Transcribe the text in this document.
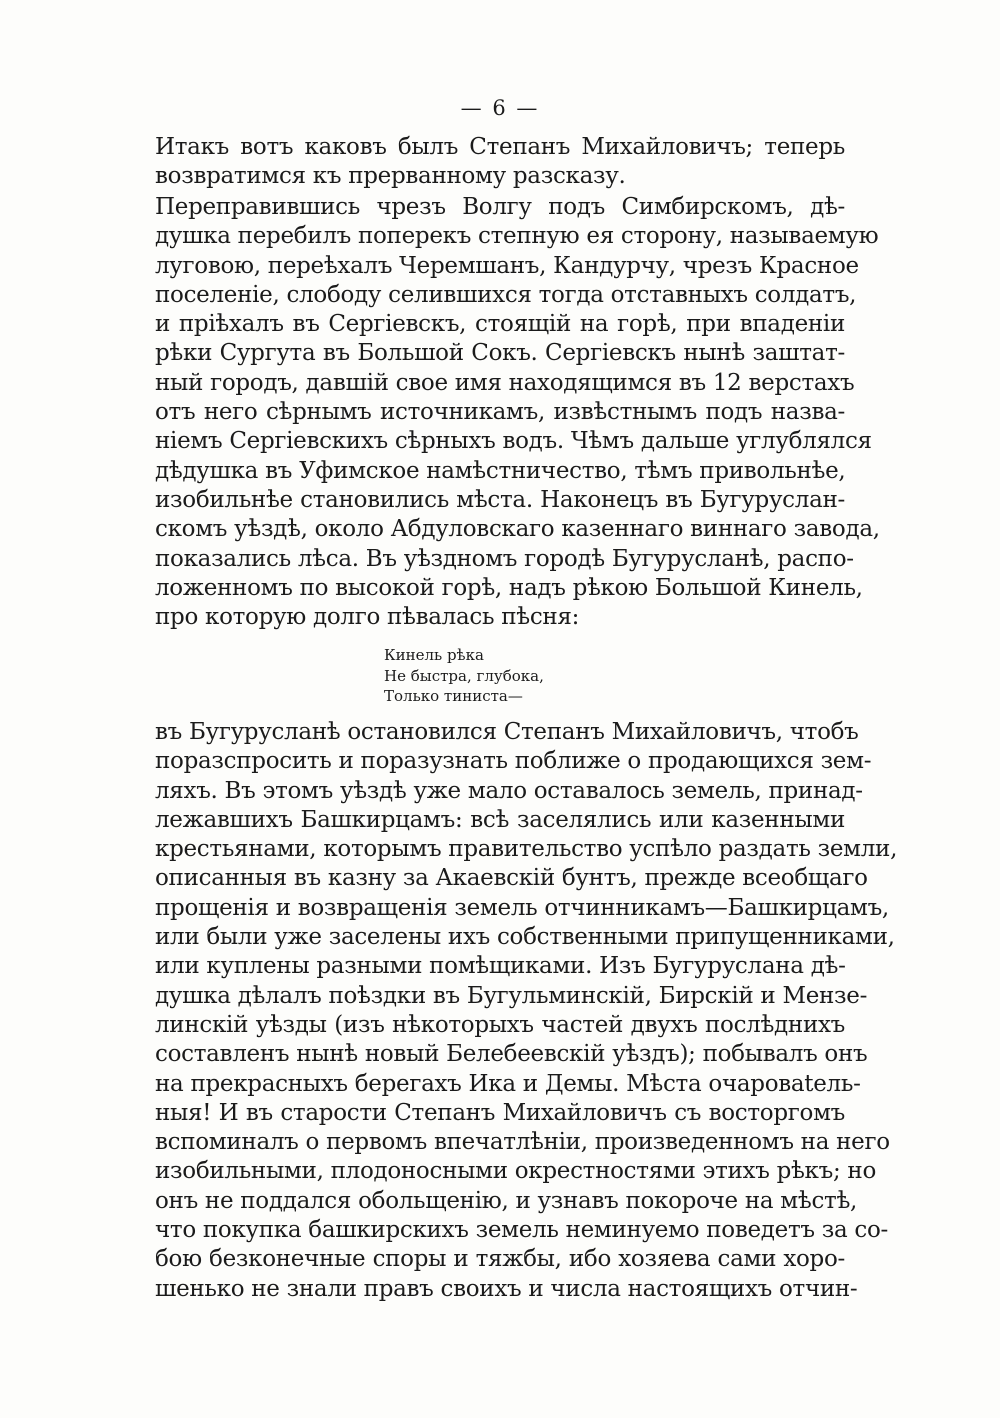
— 6 —
Итакъ вотъ каковъ былъ Степанъ Михайловичъ; теперь
возвратимся къ прерванному разсказу.
Переправившись чрезъ Волгу подъ Симбирскомъ, дѣ-
душка перебилъ поперекъ степную ея сторону, называемую
луговою, переѣхалъ Черемшанъ, Кандурчу, чрезъ Красное
поселеніе, слободу селившихся тогда отставныхъ солдатъ,
и пріѣхалъ въ Сергіевскъ, стоящій на горѣ, при впаденіи
рѣки Сургута въ Большой Сокъ. Сергіевскъ нынѣ заштат-
ный городъ, давшій свое имя находящимся въ 12 верстахъ
отъ него сѣрнымъ источникамъ, извѣстнымъ подъ назва-
ніемъ Сергіевскихъ сѣрныхъ водъ. Чѣмъ дальше углублялся
дѣдушка въ Уфимское намѣстничество, тѣмъ привольнѣе,
изобильнѣе становились мѣста. Наконецъ въ Бугуруслан-
скомъ уѣздѣ, около Абдуловскаго казеннаго виннаго завода,
показались лѣса. Въ уѣздномъ городѣ Бугурусланѣ, распо-
ложенномъ по высокой горѣ, надъ рѣкою Большой Кинель,
про которую долго пѣвалась пѣсня:
Кинель рѣка
Не быстра, глубока,
Только тиниста—
въ Бугурусланѣ остановился Степанъ Михайловичъ, чтобъ
поразспросить и поразузнать поближе о продающихся зем-
ляхъ. Въ этомъ уѣздѣ уже мало оставалось земель, принад-
лежавшихъ Башкирцамъ: всѣ заселялись или казенными
крестьянами, которымъ правительство успѣло раздать земли,
описанныя въ казну за Акаевскій бунтъ, прежде всеобщаго
прощенія и возвращенія земель отчинникамъ—Башкирцамъ,
или были уже заселены ихъ собственными припущенниками,
или куплены разными помѣщиками. Изъ Бугуруслана дѣ-
душка дѣлалъ поѣздки въ Бугульминскій, Бирскій и Мензе-
линскій уѣзды (изъ нѣкоторыхъ частей двухъ послѣднихъ
составленъ нынѣ новый Белебеевскій уѣздъ); побывалъ онъ
на прекрасныхъ берегахъ Ика и Демы. Мѣста очаровatель-
ныя! И въ старости Степанъ Михайловичъ съ восторгомъ
вспоминалъ о первомъ впечатлѣніи, произведенномъ на него
изобильными, плодоносными окрестностями этихъ рѣкъ; но
онъ не поддался обольщенію, и узнавъ покороче на мѣстѣ,
что покупка башкирскихъ земель неминуемо поведетъ за со-
бою безконечные споры и тяжбы, ибо хозяева сами хоро-
шенько не знали правъ своихъ и числа настоящихъ отчин-
